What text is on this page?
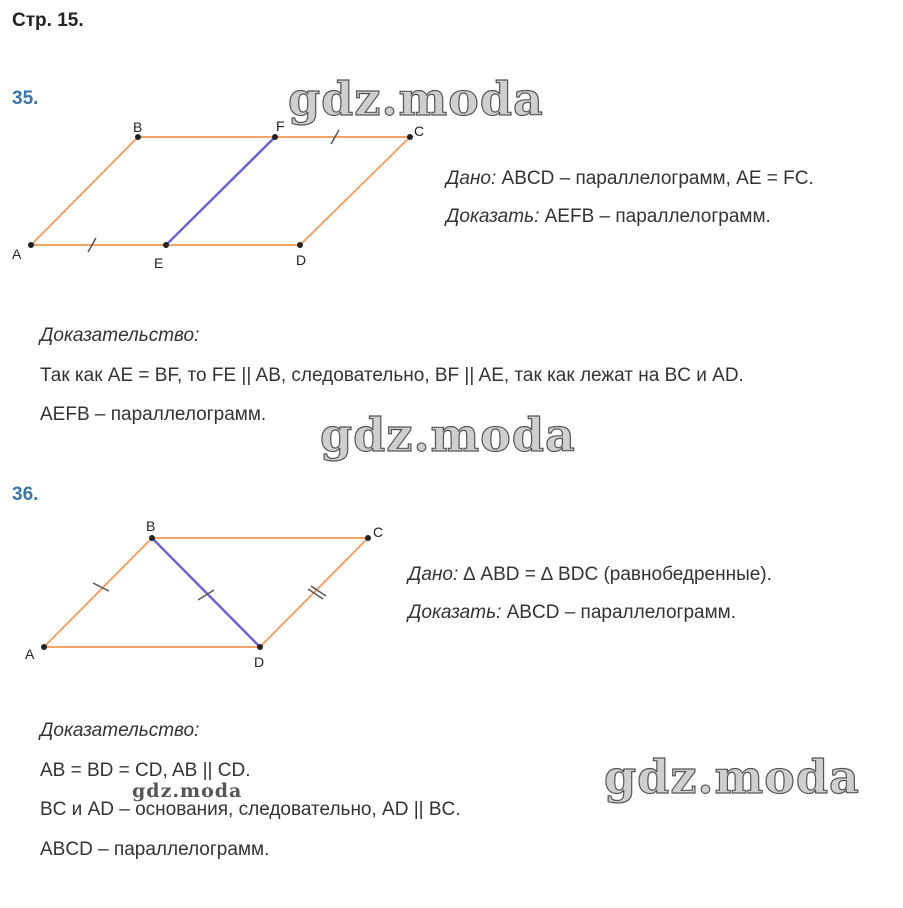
Стр. 15.
35.	gdz.moda
A
B	F	C
E	D
A
B	C
D
Дано: ABCD – параллелограмм, AE = FC.
Доказать: AEFB – параллелограмм.
Доказательство:
Так как AE = BF, то FE || AB, следовательно, BF || AE, так как лежат на BC и AD.
AEFB – параллелограмм. gdz.moda
36.
Дано: ∆ ABD = ∆ BDC (равнобедренные).
Доказать: ABCD – параллелограмм.
Доказательство:
AB = BD = CD, AB || CD.
BC и AD – основания, следовательно, AD || BC.
ABCD – параллелограмм.
gdz.moda	gdz.moda
